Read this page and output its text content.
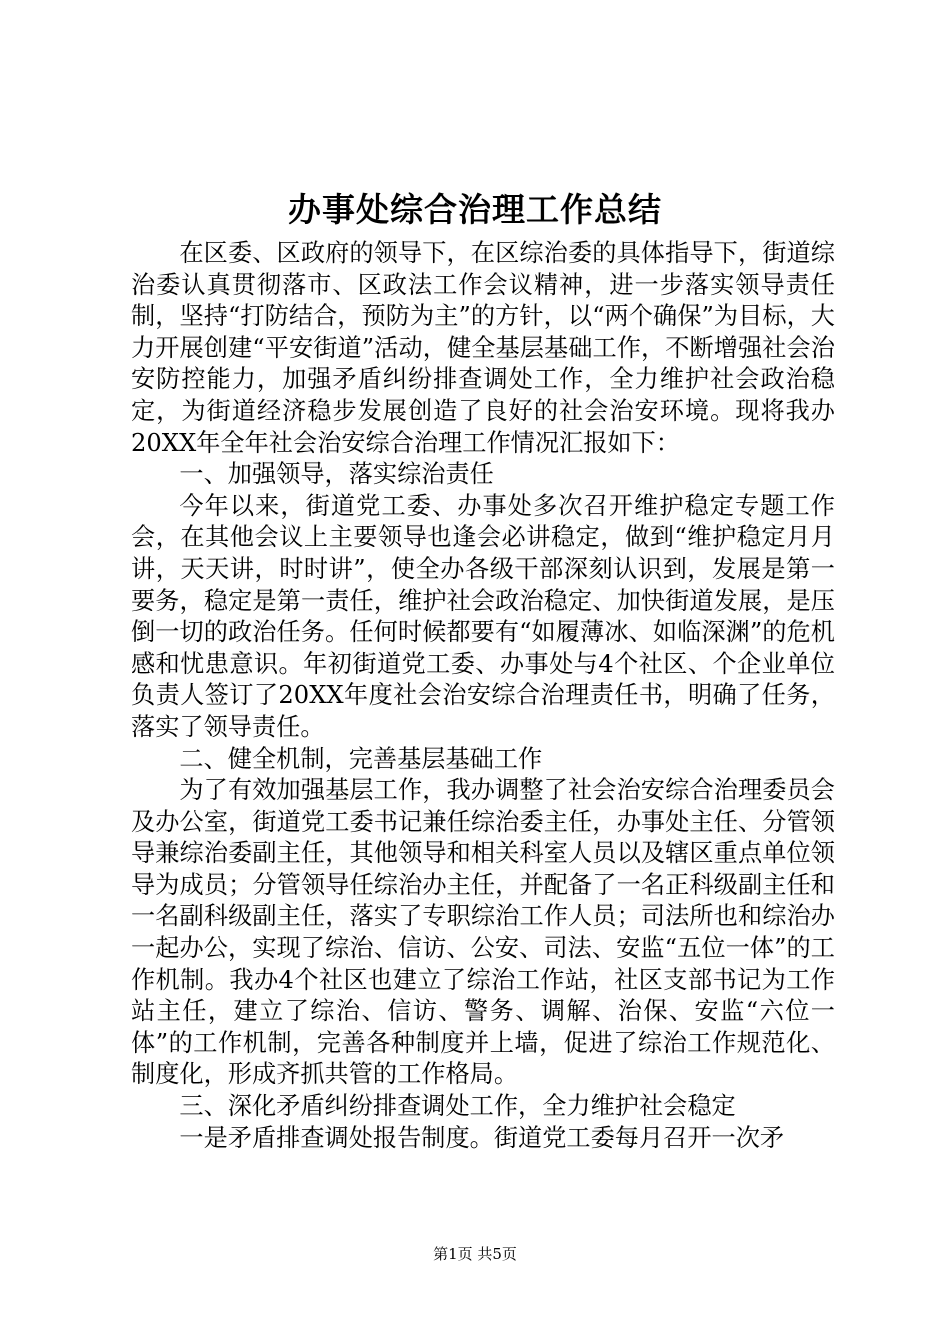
办事处综合治理工作总结

在区委、区政府的领导下，在区综治委的具体指导下，街道综治委认真贯彻落市、区政法工作会议精神，进一步落实领导责任制，坚持“打防结合，预防为主”的方针，以“两个确保”为目标，大力开展创建“平安街道”活动，健全基层基础工作，不断增强社会治安防控能力，加强矛盾纠纷排查调处工作，全力维护社会政治稳定，为街道经济稳步发展创造了良好的社会治安环境。现将我办20XX年全年社会治安综合治理工作情况汇报如下：

一、加强领导，落实综治责任

今年以来，街道党工委、办事处多次召开维护稳定专题工作会，在其他会议上主要领导也逢会必讲稳定，做到“维护稳定月月讲，天天讲，时时讲”，使全办各级干部深刻认识到，发展是第一要务，稳定是第一责任，维护社会政治稳定、加快街道发展，是压倒一切的政治任务。任何时候都要有“如履薄冰、如临深渊”的危机感和忧患意识。年初街道党工委、办事处与4个社区、个企业单位负责人签订了20XX年度社会治安综合治理责任书，明确了任务，落实了领导责任。

二、健全机制，完善基层基础工作

为了有效加强基层工作，我办调整了社会治安综合治理委员会及办公室，街道党工委书记兼任综治委主任，办事处主任、分管领导兼综治委副主任，其他领导和相关科室人员以及辖区重点单位领导为成员；分管领导任综治办主任，并配备了一名正科级副主任和一名副科级副主任，落实了专职综治工作人员；司法所也和综治办一起办公，实现了综治、信访、公安、司法、安监“五位一体”的工作机制。我办4个社区也建立了综治工作站，社区支部书记为工作站主任，建立了综治、信访、警务、调解、治保、安监“六位一体”的工作机制，完善各种制度并上墙，促进了综治工作规范化、制度化，形成齐抓共管的工作格局。

三、深化矛盾纠纷排查调处工作，全力维护社会稳定

一是矛盾排查调处报告制度。街道党工委每月召开一次矛

第1页 共5页
